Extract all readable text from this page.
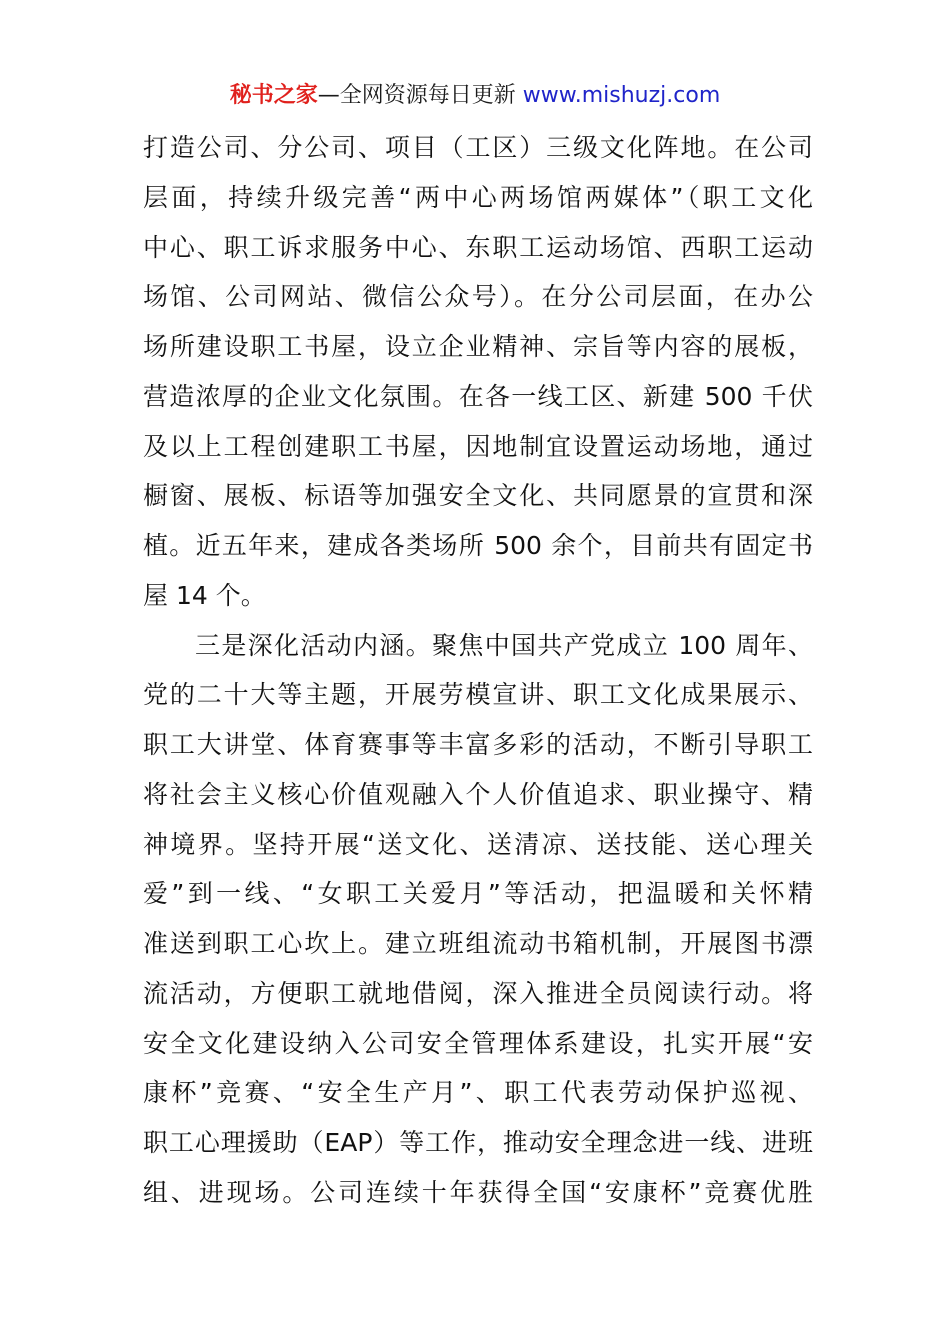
秘书之家—全网资源每日更新 www.mishuzj.com
打造公司、分公司、项目（工区）三级文化阵地。在公司
层面，持续升级完善“两中心两场馆两媒体”（职工文化
中心、职工诉求服务中心、东职工运动场馆、西职工运动
场馆、公司网站、微信公众号）。在分公司层面，在办公
场所建设职工书屋，设立企业精神、宗旨等内容的展板，
营造浓厚的企业文化氛围。在各一线工区、新建 500 千伏
及以上工程创建职工书屋，因地制宜设置运动场地，通过
橱窗、展板、标语等加强安全文化、共同愿景的宣贯和深
植。近五年来，建成各类场所 500 余个，目前共有固定书
屋 14 个。
三是深化活动内涵。聚焦中国共产党成立 100 周年、
党的二十大等主题，开展劳模宣讲、职工文化成果展示、
职工大讲堂、体育赛事等丰富多彩的活动，不断引导职工
将社会主义核心价值观融入个人价值追求、职业操守、精
神境界。坚持开展“送文化、送清凉、送技能、送心理关
爱”到一线、“女职工关爱月”等活动，把温暖和关怀精
准送到职工心坎上。建立班组流动书箱机制，开展图书漂
流活动，方便职工就地借阅，深入推进全员阅读行动。将
安全文化建设纳入公司安全管理体系建设，扎实开展“安
康杯”竞赛、“安全生产月”、职工代表劳动保护巡视、
职工心理援助（EAP）等工作，推动安全理念进一线、进班
组、进现场。公司连续十年获得全国“安康杯”竞赛优胜
